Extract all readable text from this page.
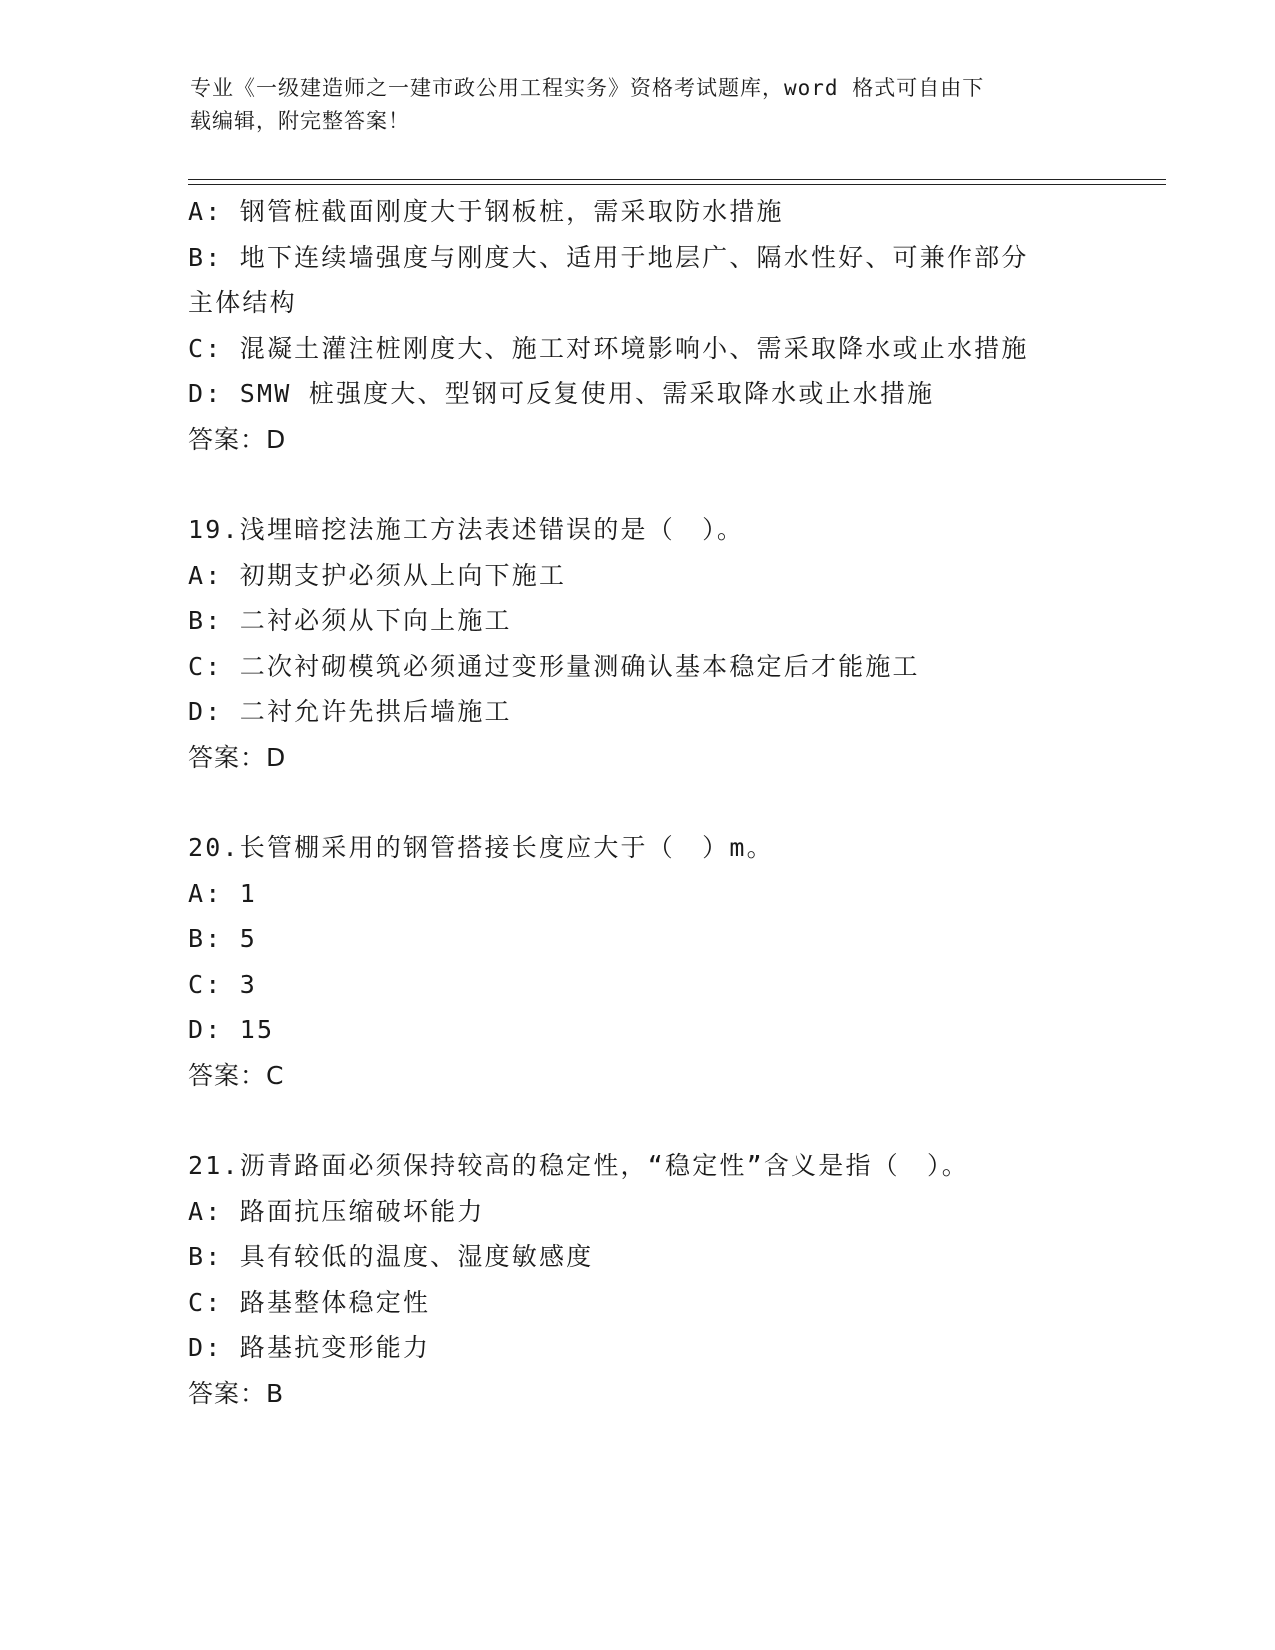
专业《一级建造师之一建市政公用工程实务》资格考试题库，word 格式可自由下
载编辑，附完整答案！
A: 钢管桩截面刚度大于钢板桩，需采取防水措施
B: 地下连续墙强度与刚度大、适用于地层广、隔水性好、可兼作部分
主体结构
C: 混凝土灌注桩刚度大、施工对环境影响小、需采取降水或止水措施
D: SMW 桩强度大、型钢可反复使用、需采取降水或止水措施
答案：D
19.浅埋暗挖法施工方法表述错误的是（　）。
A: 初期支护必须从上向下施工
B: 二衬必须从下向上施工
C: 二次衬砌模筑必须通过变形量测确认基本稳定后才能施工
D: 二衬允许先拱后墙施工
答案：D
20.长管棚采用的钢管搭接长度应大于（　）m。
A: 1
B: 5
C: 3
D: 15
答案：C
21.沥青路面必须保持较高的稳定性，“稳定性”含义是指（　）。
A: 路面抗压缩破坏能力
B: 具有较低的温度、湿度敏感度
C: 路基整体稳定性
D: 路基抗变形能力
答案：B
